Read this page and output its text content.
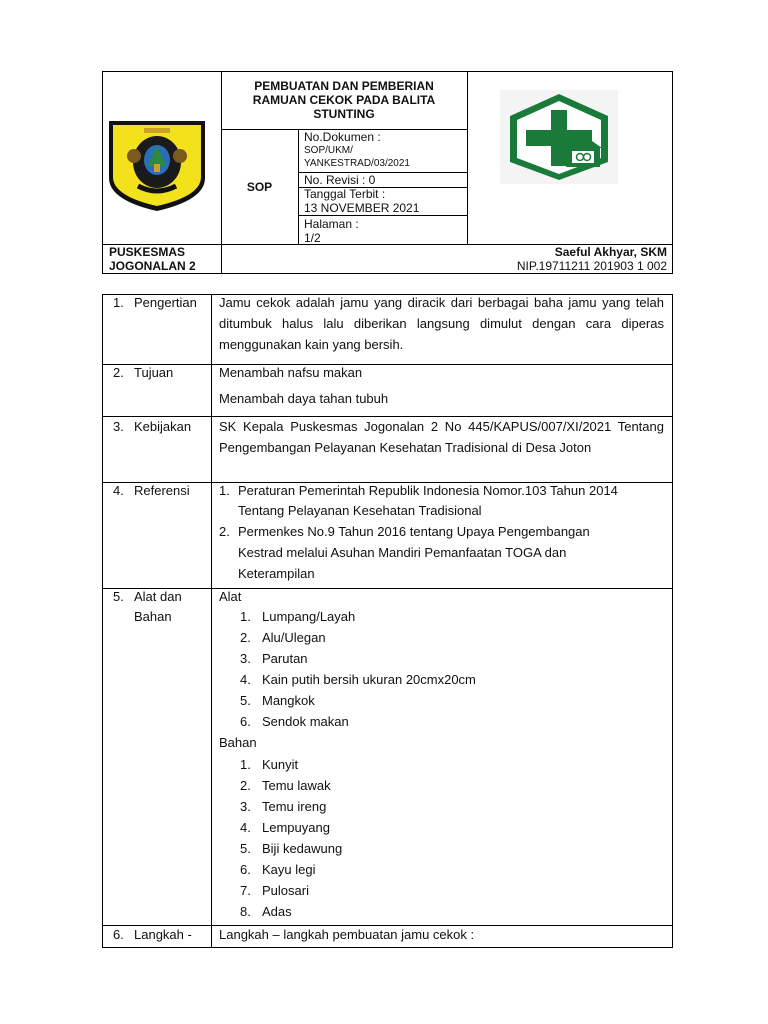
PEMBUATAN DAN PEMBERIAN RAMUAN CEKOK PADA BALITA STUNTING
SOP
No.Dokumen :
SOP/UKM/
YANKESTRAD/03/2021
No. Revisi : 0
Tanggal Terbit :
13 NOVEMBER 2021
Halaman :
1/2
PUSKESMAS
JOGONALAN 2
Saeful Akhyar, SKM
NIP.19711211 201903 1 002
1. Pengertian Jamu cekok adalah jamu yang diracik dari berbagai baha jamu yang telah ditumbuk halus lalu diberikan langsung dimulut dengan cara diperas menggunakan kain yang bersih.
2. Tujuan	Menambah nafsu makan
Menambah daya tahan tubuh
3. Kebijakan SK Kepala Puskesmas Jogonalan 2 No 445/KAPUS/007/XI/2021 Tentang Pengembangan Pelayanan Kesehatan Tradisional di Desa Joton
4. Referensi 1. Peraturan Pemerintah Republik Indonesia Nomor.103 Tahun 2014
Tentang Pelayanan Kesehatan Tradisional
2. Permenkes No.9 Tahun 2016 tentang Upaya Pengembangan
Kestrad melalui Asuhan Mandiri Pemanfaatan TOGA dan
Keterampilan
5. Alat dan
Bahan
Alat
1. Lumpang/Layah
2. Alu/Ulegan
3. Parutan
4. Kain putih bersih ukuran 20cmx20cm
5. Mangkok
6. Sendok makan
Bahan
1. Kunyit
2. Temu lawak
3. Temu ireng
4. Lempuyang
5. Biji kedawung
6. Kayu legi
7. Pulosari
8. Adas
6. Langkah - Langkah – langkah pembuatan jamu cekok :
